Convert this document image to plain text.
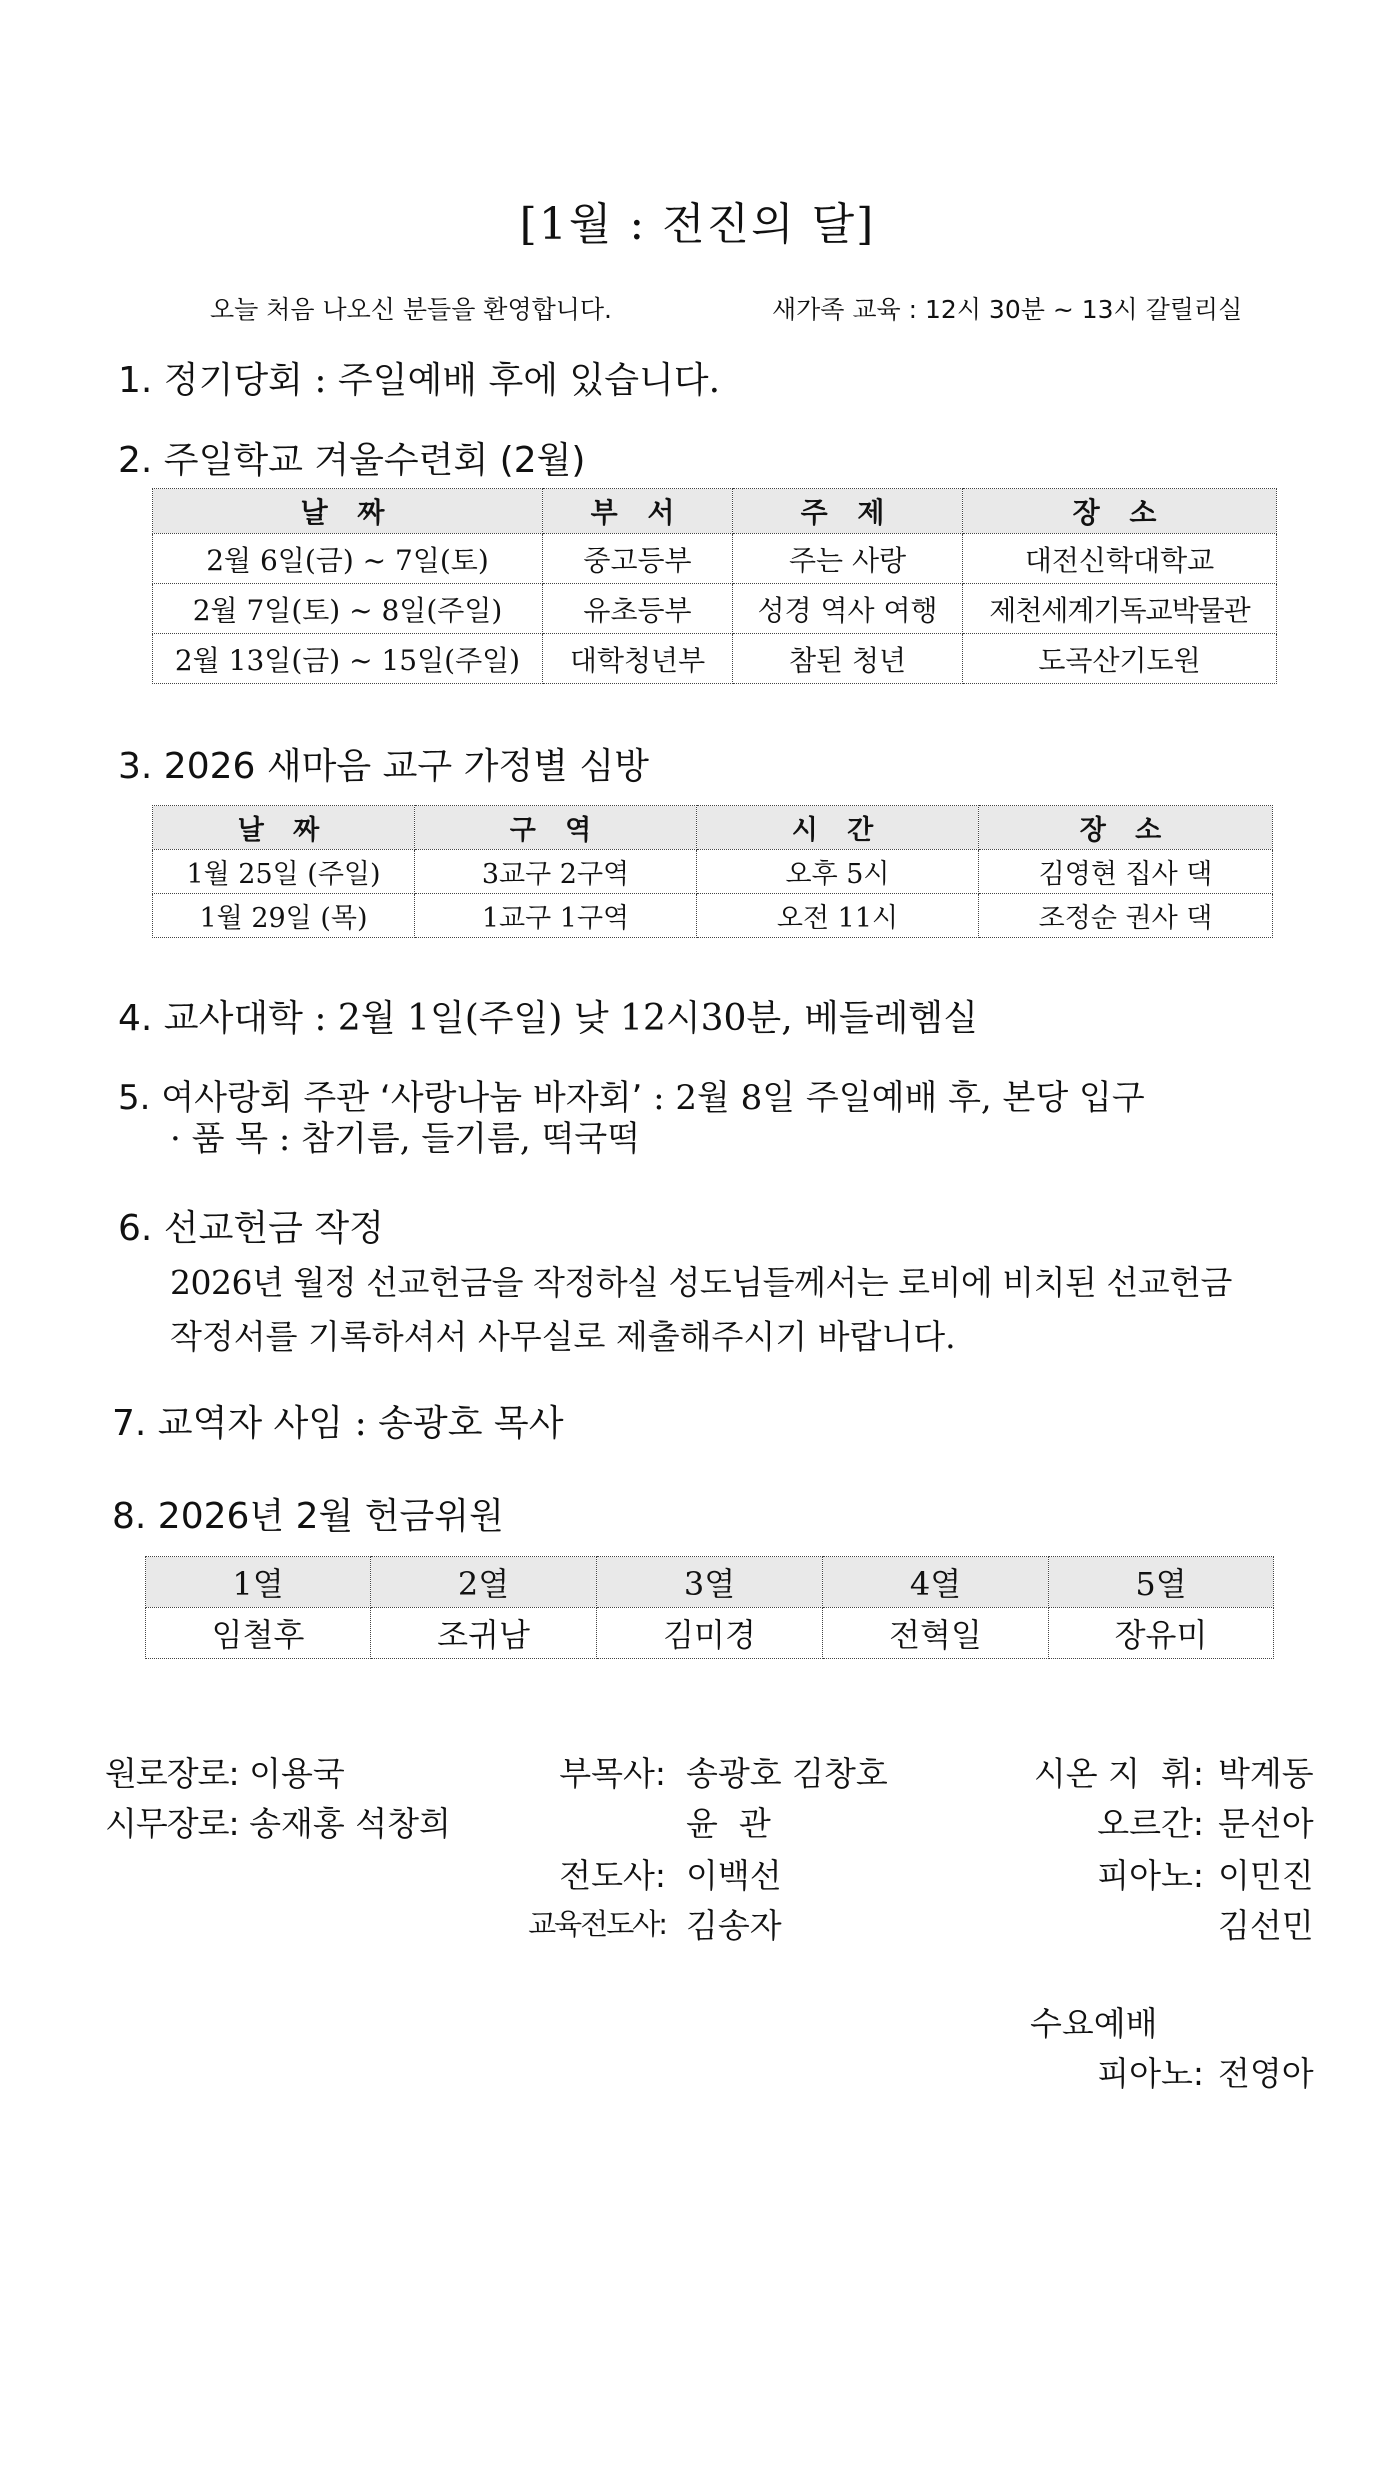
[1월 : 전진의 달]
오늘 처음 나오신 분들을 환영합니다.	새가족 교육 : 12시 30분 ~ 13시 갈릴리실
1. 정기당회 : 주일예배 후에 있습니다.
2. 주일학교 겨울수련회 (2월)
날 짜	부 서	주 제	장 소
2월 6일(금) ~ 7일(토)	중고등부	주는 사랑	대전신학대학교
2월 7일(토) ~ 8일(주일)	유초등부	성경 역사 여행	제천세계기독교박물관
2월 13일(금) ~ 15일(주일)	대학청년부	참된 청년	도곡산기도원
3. 2026 새마음 교구 가정별 심방
날 짜	구 역	시 간	장 소
1월 25일 (주일)	3교구 2구역	오후 5시	김영현 집사 댁
1월 29일 (목)	1교구 1구역	오전 11시	조정순 권사 댁
4. 교사대학 : 2월 1일(주일) 낮 12시30분, 베들레헴실
5. 여사랑회 주관 ‘사랑나눔 바자회’ : 2월 8일 주일예배 후, 본당 입구
· 품 목 : 참기름, 들기름, 떡국떡
6. 선교헌금 작정
2026년 월정 선교헌금을 작정하실 성도님들께서는 로비에 비치된 선교헌금
작정서를 기록하셔서 사무실로 제출해주시기 바랍니다.
7. 교역자 사임 : 송광호 목사
8. 2026년 2월 헌금위원
1열	2열	3열	4열	5열
임철후	조귀남	김미경	전혁일	장유미
원로장로: 이용국
시무장로: 송재홍 석창희
부목사: 송광호 김창호
윤  관
전도사: 이백선
교육전도사: 김송자
시온 지  휘: 박계동
오르간: 문선아
피아노: 이민진
김선민
수요예배
피아노: 전영아
